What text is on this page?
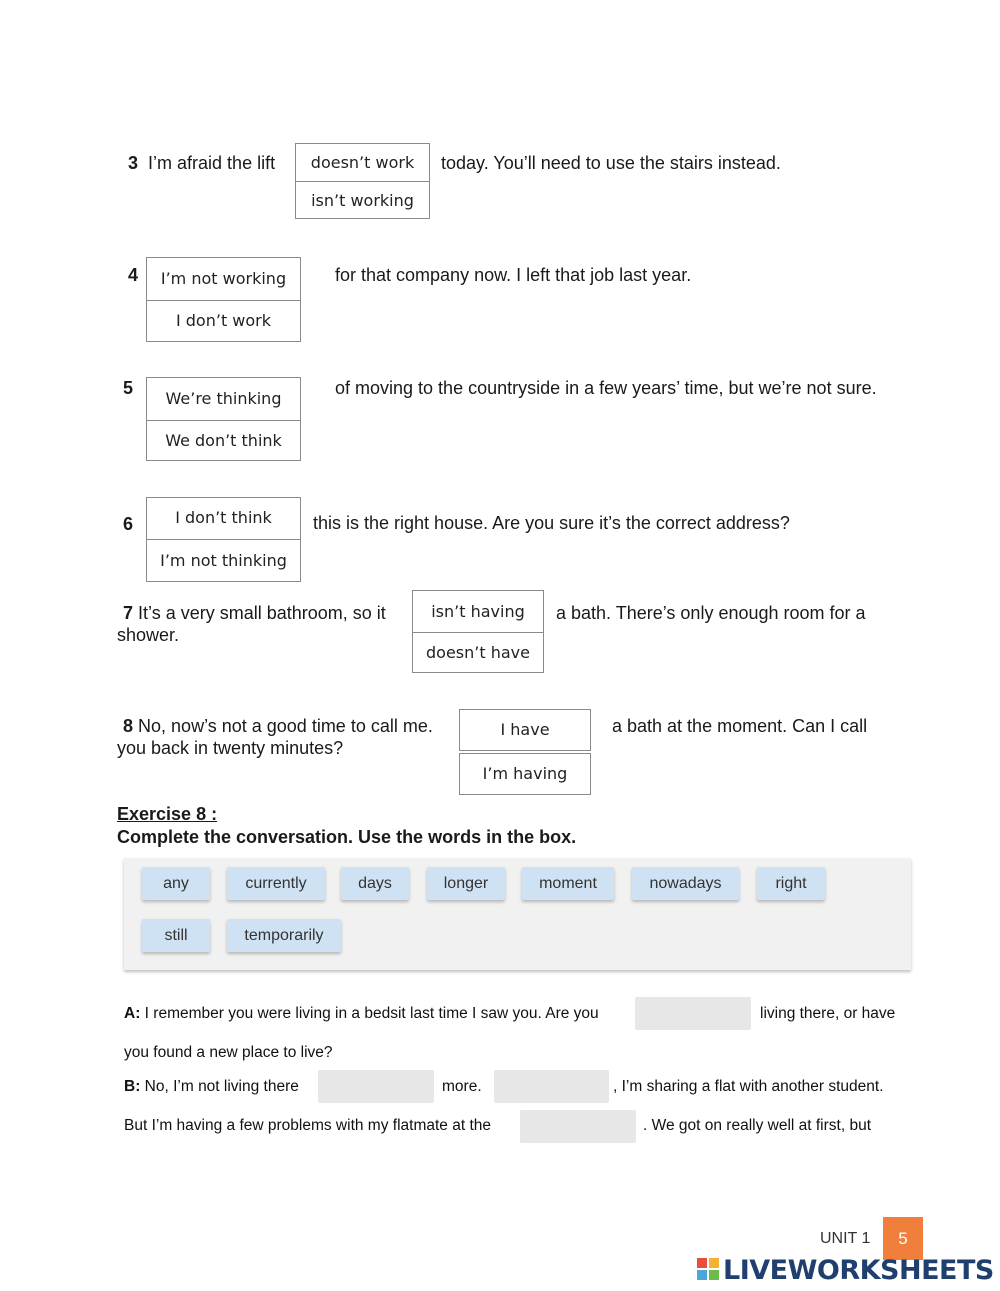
3 I’m afraid the lift	doesn’t work
isn’t working
today. You’ll need to use the stairs instead.
4	I’m not working
I don’t work
for that company now. I left that job last year.
5
We’re thinking
We don’t think
of moving to the countryside in a few years’ time, but we’re not sure.
6	I don’t think
I’m not thinking
this is the right house. Are you sure it’s the correct address?
7 It’s a very small bathroom, so it
shower.
isn’t having
doesn’t have
a bath. There’s only enough room for a
8 No, now’s not a good time to call me.
you back in twenty minutes?
I have
I’m having
a bath at the moment. Can I call
Exercise 8 :
Complete the conversation. Use the words in the box.
any	currently	days	longer	moment	nowadays	right
still	temporarily
A: I remember you were living in a bedsit last time I saw you. Are you	living there, or have
you found a new place to live?
B: No, I’m not living there	more.	, I’m sharing a flat with another student.
But I’m having a few problems with my flatmate at the	. We got on really well at first, but
UNIT 1	5
LIVEWORKSHEETS
